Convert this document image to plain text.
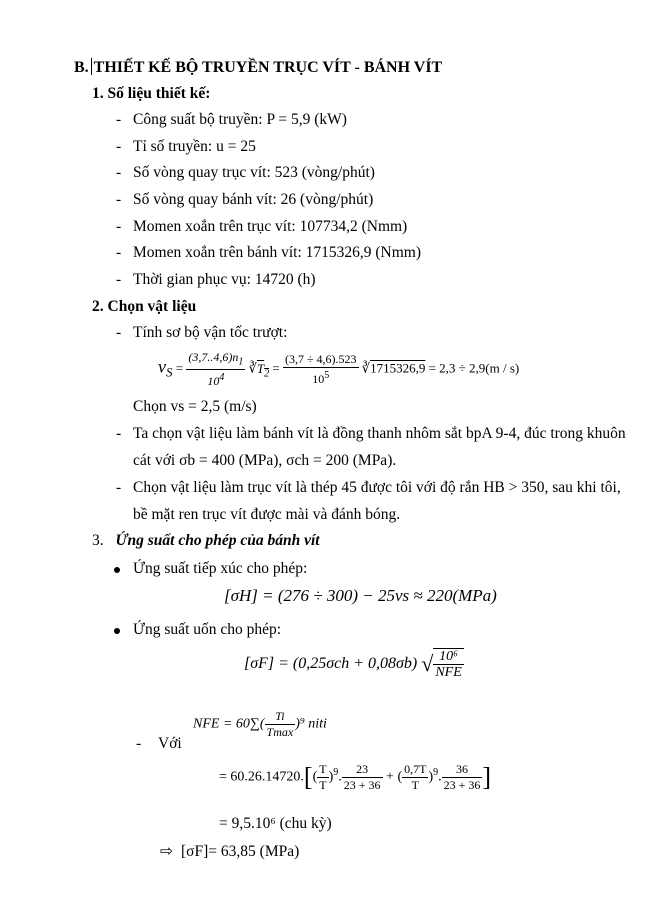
B. THIẾT KẾ BỘ TRUYỀN TRỤC VÍT - BÁNH VÍT
1. Số liệu thiết kế:
- Công suất bộ truyền: P = 5,9 (kW)
- Tỉ số truyền: u = 25
- Số vòng quay trục vít: 523 (vòng/phút)
- Số vòng quay bánh vít: 26 (vòng/phút)
- Momen xoắn trên trục vít: 107734,2 (Nmm)
- Momen xoắn trên bánh vít: 1715326,9 (Nmm)
- Thời gian phục vụ: 14720 (h)
2. Chọn vật liệu
- Tính sơ bộ vận tốc trượt:
$v_S = \frac{(3,7..4,6)n_1}{10^4}$ $∛T_2 = \frac{(3,7 \div 4,6).523}{10^5}$ ∛1715326,9 = 2,3 ÷ 2,9(m / s)
Chọn vs = 2,5 (m/s)
- Ta chọn vật liệu làm bánh vít là đồng thanh nhôm sắt bpA 9-4, đúc trong khuôn
cát với σb = 400 (MPa), σch = 200 (MPa).
- Chọn vật liệu làm trục vít là thép 45 được tôi với độ rắn HB > 350, sau khi tôi,
bề mặt ren trục vít được mài và đánh bóng.
3. Ứng suất cho phép của bánh vít
Ứng suất tiếp xúc cho phép:
[σH] = (276 ÷ 300) − 25vs ≈ 220(MPa)
Ứng suất uốn cho phép:
[σF] = (0,25σch + 0,08σb) √ $\frac{\text{10⁶}}{\text{NFE}}$
NFE = $60\sum( \frac{Ti}{Tmax} )^9$ niti
- Với
= $60.26.14720.[( \frac{T}{T} )^9$. $\frac{23}{23 + 36}$ + ( $\frac{0,7T}{T} )^9$. $\frac{36}{23 + 36}$ ]
= 9,5.10⁶ (chu kỳ)
⇨ [σF]= 63,85 (MPa)
